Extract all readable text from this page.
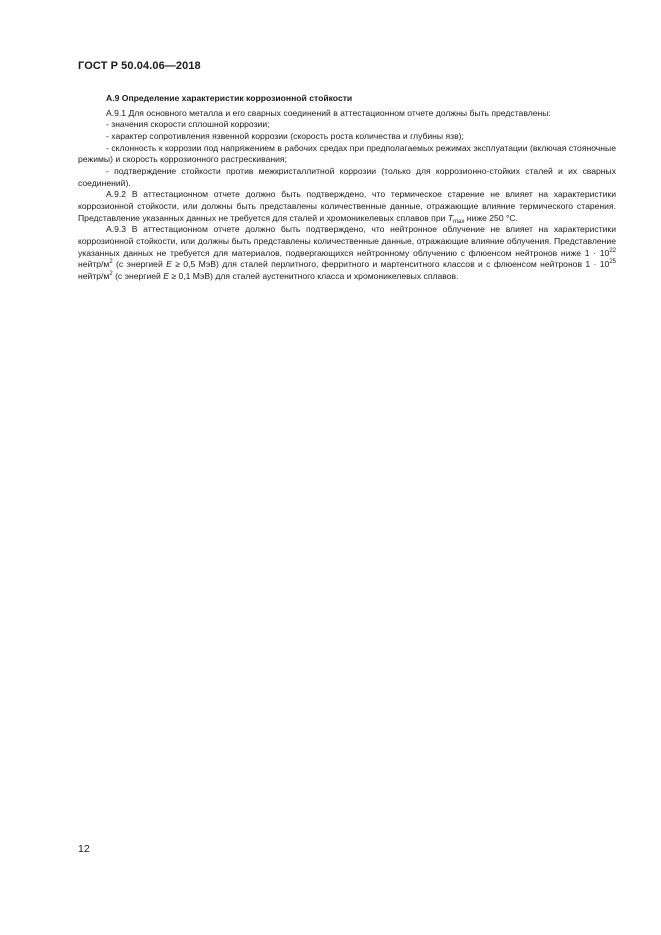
ГОСТ Р 50.04.06—2018

А.9 Определение характеристик коррозионной стойкости

А.9.1 Для основного металла и его сварных соединений в аттестационном отчете должны быть представлены:

- значения скорости сплошной коррозии;

- характер сопротивления язвенной коррозии (скорость роста количества и глубины язв);

- склонность к коррозии под напряжением в рабочих средах при предполагаемых режимах эксплуатации (включая стояночные режимы) и скорость коррозионного растрескивания;

- подтверждение стойкости против межкристаллитной коррозии (только для коррозионно-стойких сталей и их сварных соединений).

А.9.2 В аттестационном отчете должно быть подтверждено, что термическое старение не влияет на характеристики коррозионной стойкости, или должны быть представлены количественные данные, отражающие влияние термического старения. Представление указанных данных не требуется для сталей и хромоникелевых сплавов при $T_{max}$ ниже 250 °С.

А.9.3 В аттестационном отчете должно быть подтверждено, что нейтронное облучение не влияет на характеристики коррозионной стойкости, или должны быть представлены количественные данные, отражающие влияние облучения. Представление указанных данных не требуется для материалов, подвергающихся нейтронному облучению с флюенсом нейтронов ниже $1 \cdot 10^{22}$ нейтр/$м^2$ (с энергией Е ≥ 0,5 МэВ) для сталей перлитного, ферритного и мартенситного классов и с флюенсом нейтронов $1 \cdot 10^{25}$ нейтр/$м^2$ (с энергией Е ≥ 0,1 МэВ) для сталей аустенитного класса и хромоникелевых сплавов.

12
